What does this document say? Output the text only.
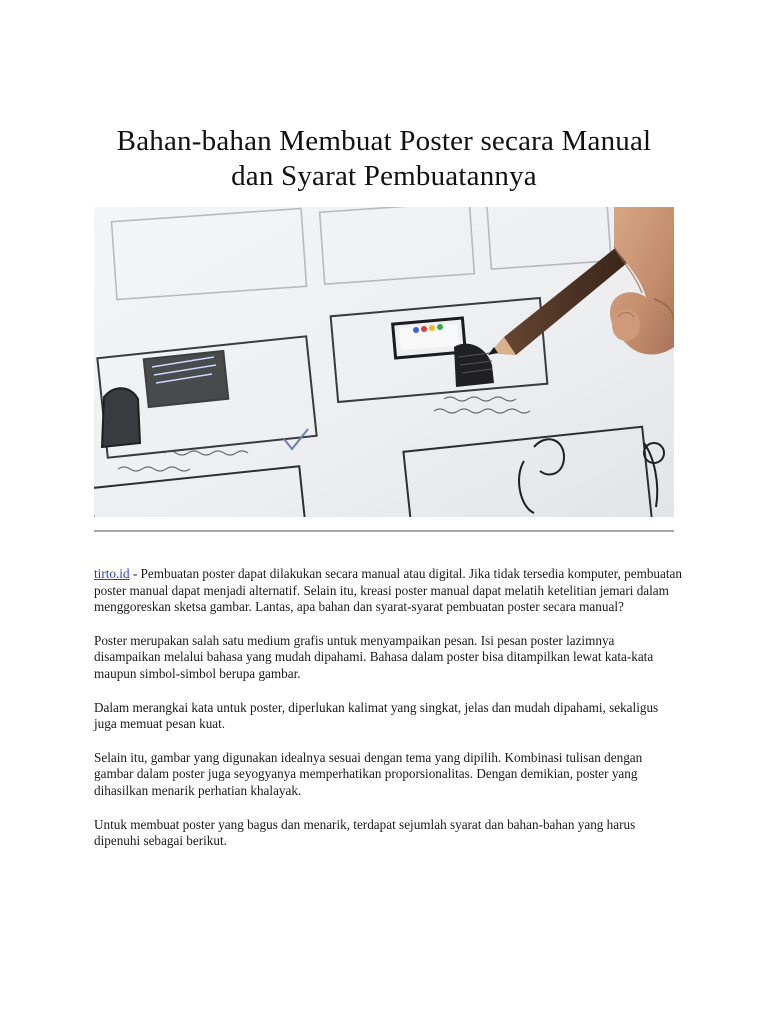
Bahan-bahan Membuat Poster secara Manual dan Syarat Pembuatannya

tirto.id - Pembuatan poster dapat dilakukan secara manual atau digital. Jika tidak tersedia komputer, pembuatan poster manual dapat menjadi alternatif. Selain itu, kreasi poster manual dapat melatih ketelitian jemari dalam menggoreskan sketsa gambar. Lantas, apa bahan dan syarat-syarat pembuatan poster secara manual?

Poster merupakan salah satu medium grafis untuk menyampaikan pesan. Isi pesan poster lazimnya disampaikan melalui bahasa yang mudah dipahami. Bahasa dalam poster bisa ditampilkan lewat kata-kata maupun simbol-simbol berupa gambar.

Dalam merangkai kata untuk poster, diperlukan kalimat yang singkat, jelas dan mudah dipahami, sekaligus juga memuat pesan kuat.

Selain itu, gambar yang digunakan idealnya sesuai dengan tema yang dipilih. Kombinasi tulisan dengan gambar dalam poster juga seyogyanya memperhatikan proporsionalitas. Dengan demikian, poster yang dihasilkan menarik perhatian khalayak.

Untuk membuat poster yang bagus dan menarik, terdapat sejumlah syarat dan bahan-bahan yang harus dipenuhi sebagai berikut.
